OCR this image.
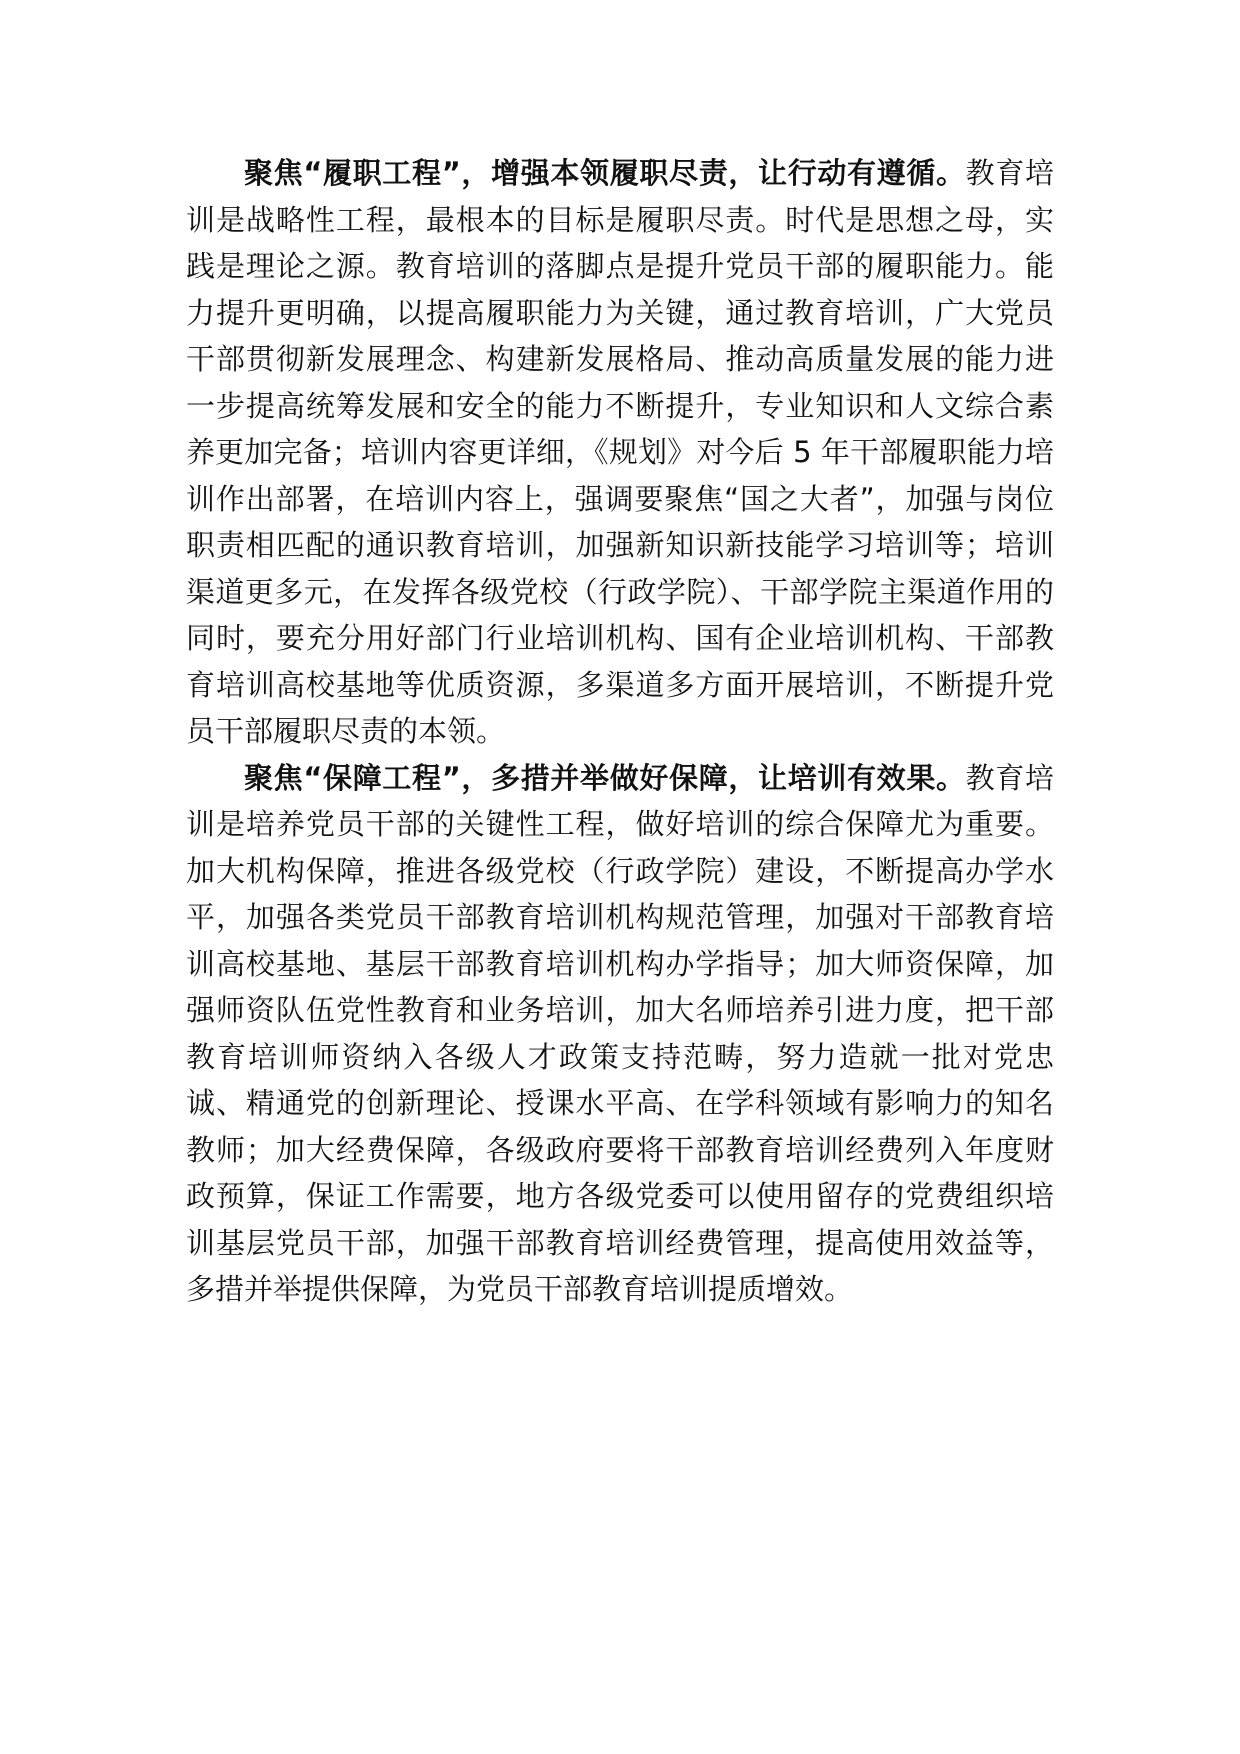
聚焦“履职工程”，增强本领履职尽责，让行动有遵循。教育培训是战略性工程，最根本的目标是履职尽责。时代是思想之母，实践是理论之源。教育培训的落脚点是提升党员干部的履职能力。能力提升更明确，以提高履职能力为关键，通过教育培训，广大党员干部贯彻新发展理念、构建新发展格局、推动高质量发展的能力进一步提高统筹发展和安全的能力不断提升，专业知识和人文综合素养更加完备；培训内容更详细，《规划》对今后 5 年干部履职能力培训作出部署，在培训内容上，强调要聚焦“国之大者”，加强与岗位职责相匹配的通识教育培训，加强新知识新技能学习培训等；培训渠道更多元，在发挥各级党校（行政学院）、干部学院主渠道作用的同时，要充分用好部门行业培训机构、国有企业培训机构、干部教育培训高校基地等优质资源，多渠道多方面开展培训，不断提升党员干部履职尽责的本领。

聚焦“保障工程”，多措并举做好保障，让培训有效果。教育培训是培养党员干部的关键性工程，做好培训的综合保障尤为重要。加大机构保障，推进各级党校（行政学院）建设，不断提高办学水平，加强各类党员干部教育培训机构规范管理，加强对干部教育培训高校基地、基层干部教育培训机构办学指导；加大师资保障，加强师资队伍党性教育和业务培训，加大名师培养引进力度，把干部教育培训师资纳入各级人才政策支持范畴，努力造就一批对党忠诚、精通党的创新理论、授课水平高、在学科领域有影响力的知名教师；加大经费保障，各级政府要将干部教育培训经费列入年度财政预算，保证工作需要，地方各级党委可以使用留存的党费组织培训基层党员干部，加强干部教育培训经费管理，提高使用效益等，多措并举提供保障，为党员干部教育培训提质增效。
